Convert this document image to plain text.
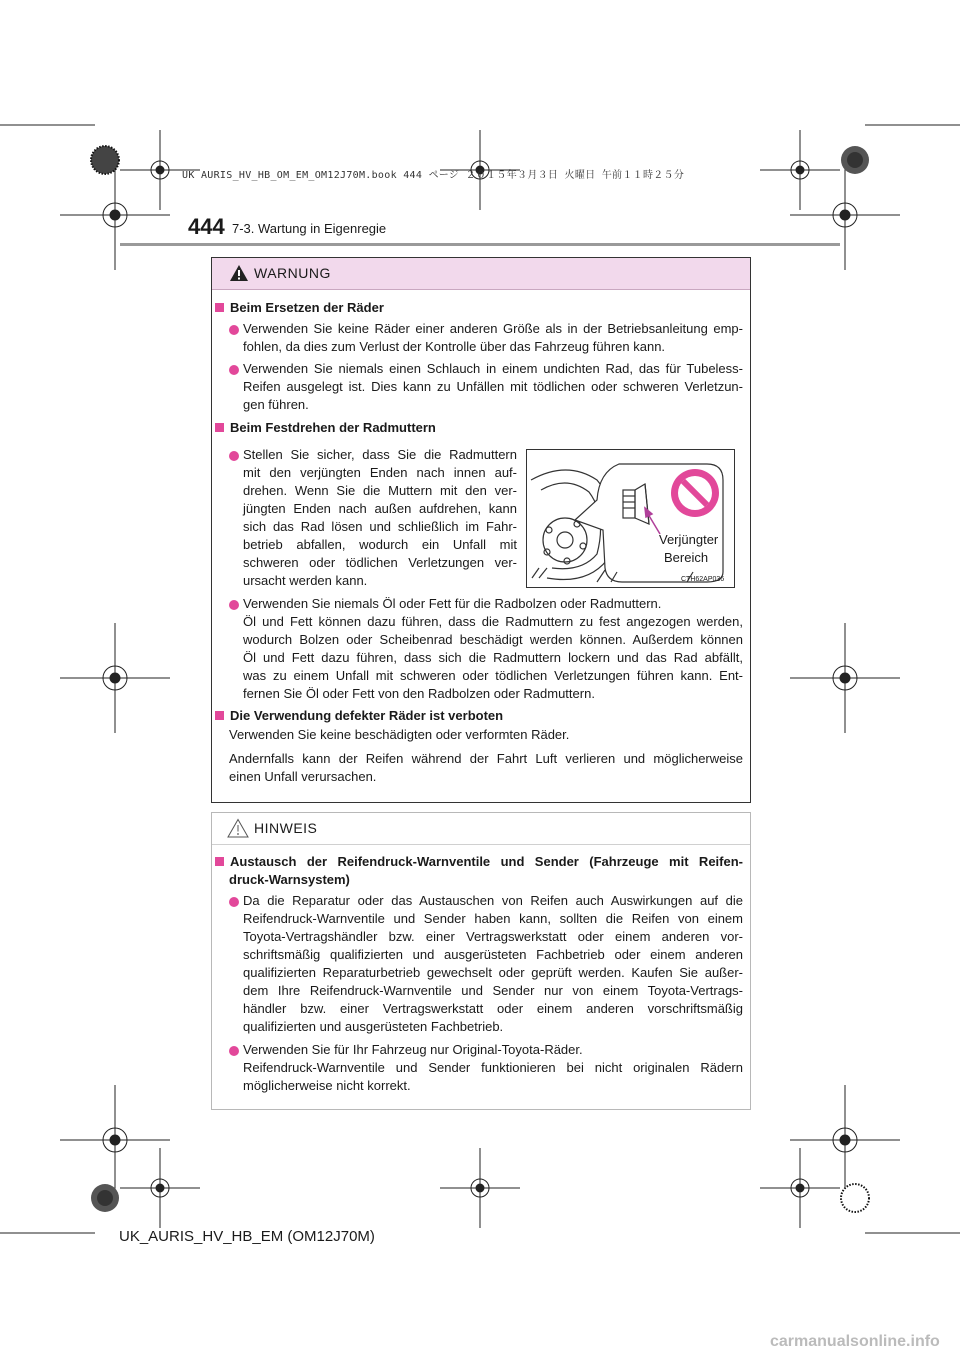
UK AURIS_HV_HB_OM_EM_OM12J70M.book 444 ページ ２０１５年３月３日 火曜日 午前１１時２５分
444 7-3. Wartung in Eigenregie
WARNUNG
Beim Ersetzen der Räder
Verwenden Sie keine Räder einer anderen Größe als in der Betriebsanleitung emp-
fohlen, da dies zum Verlust der Kontrolle über das Fahrzeug führen kann.
Verwenden Sie niemals einen Schlauch in einem undichten Rad, das für Tubeless-
Reifen ausgelegt ist. Dies kann zu Unfällen mit tödlichen oder schweren Verletzun-
gen führen.
Beim Festdrehen der Radmuttern
Stellen Sie sicher, dass Sie die Radmuttern
mit den verjüngten Enden nach innen auf-
drehen. Wenn Sie die Muttern mit den ver-
jüngten Enden nach außen aufdrehen, kann
sich das Rad lösen und schließlich im Fahr-
betrieb abfallen, wodurch ein Unfall mit
schweren oder tödlichen Verletzungen ver-
ursacht werden kann.
Verjüngter
Bereich
CTH62AP036
Verwenden Sie niemals Öl oder Fett für die Radbolzen oder Radmuttern.
Öl und Fett können dazu führen, dass die Radmuttern zu fest angezogen werden,
wodurch Bolzen oder Scheibenrad beschädigt werden können. Außerdem können
Öl und Fett dazu führen, dass sich die Radmuttern lockern und das Rad abfällt,
was zu einem Unfall mit schweren oder tödlichen Verletzungen führen kann. Ent-
fernen Sie Öl oder Fett von den Radbolzen oder Radmuttern.
Die Verwendung defekter Räder ist verboten
Verwenden Sie keine beschädigten oder verformten Räder.
Andernfalls kann der Reifen während der Fahrt Luft verlieren und möglicherweise
einen Unfall verursachen.
HINWEIS
Austausch der Reifendruck-Warnventile und Sender (Fahrzeuge mit Reifen-
druck-Warnsystem)
Da die Reparatur oder das Austauschen von Reifen auch Auswirkungen auf die
Reifendruck-Warnventile und Sender haben kann, sollten die Reifen von einem
Toyota-Vertragshändler bzw. einer Vertragswerkstatt oder einem anderen vor-
schriftsmäßig qualifizierten und ausgerüsteten Fachbetrieb oder einem anderen
qualifizierten Reparaturbetrieb gewechselt oder geprüft werden. Kaufen Sie außer-
dem Ihre Reifendruck-Warnventile und Sender nur von einem Toyota-Vertrags-
händler bzw. einer Vertragswerkstatt oder einem anderen vorschriftsmäßig
qualifizierten und ausgerüsteten Fachbetrieb.
Verwenden Sie für Ihr Fahrzeug nur Original-Toyota-Räder.
Reifendruck-Warnventile und Sender funktionieren bei nicht originalen Rädern
möglicherweise nicht korrekt.
UK_AURIS_HV_HB_EM (OM12J70M)
carmanualsonline.info
